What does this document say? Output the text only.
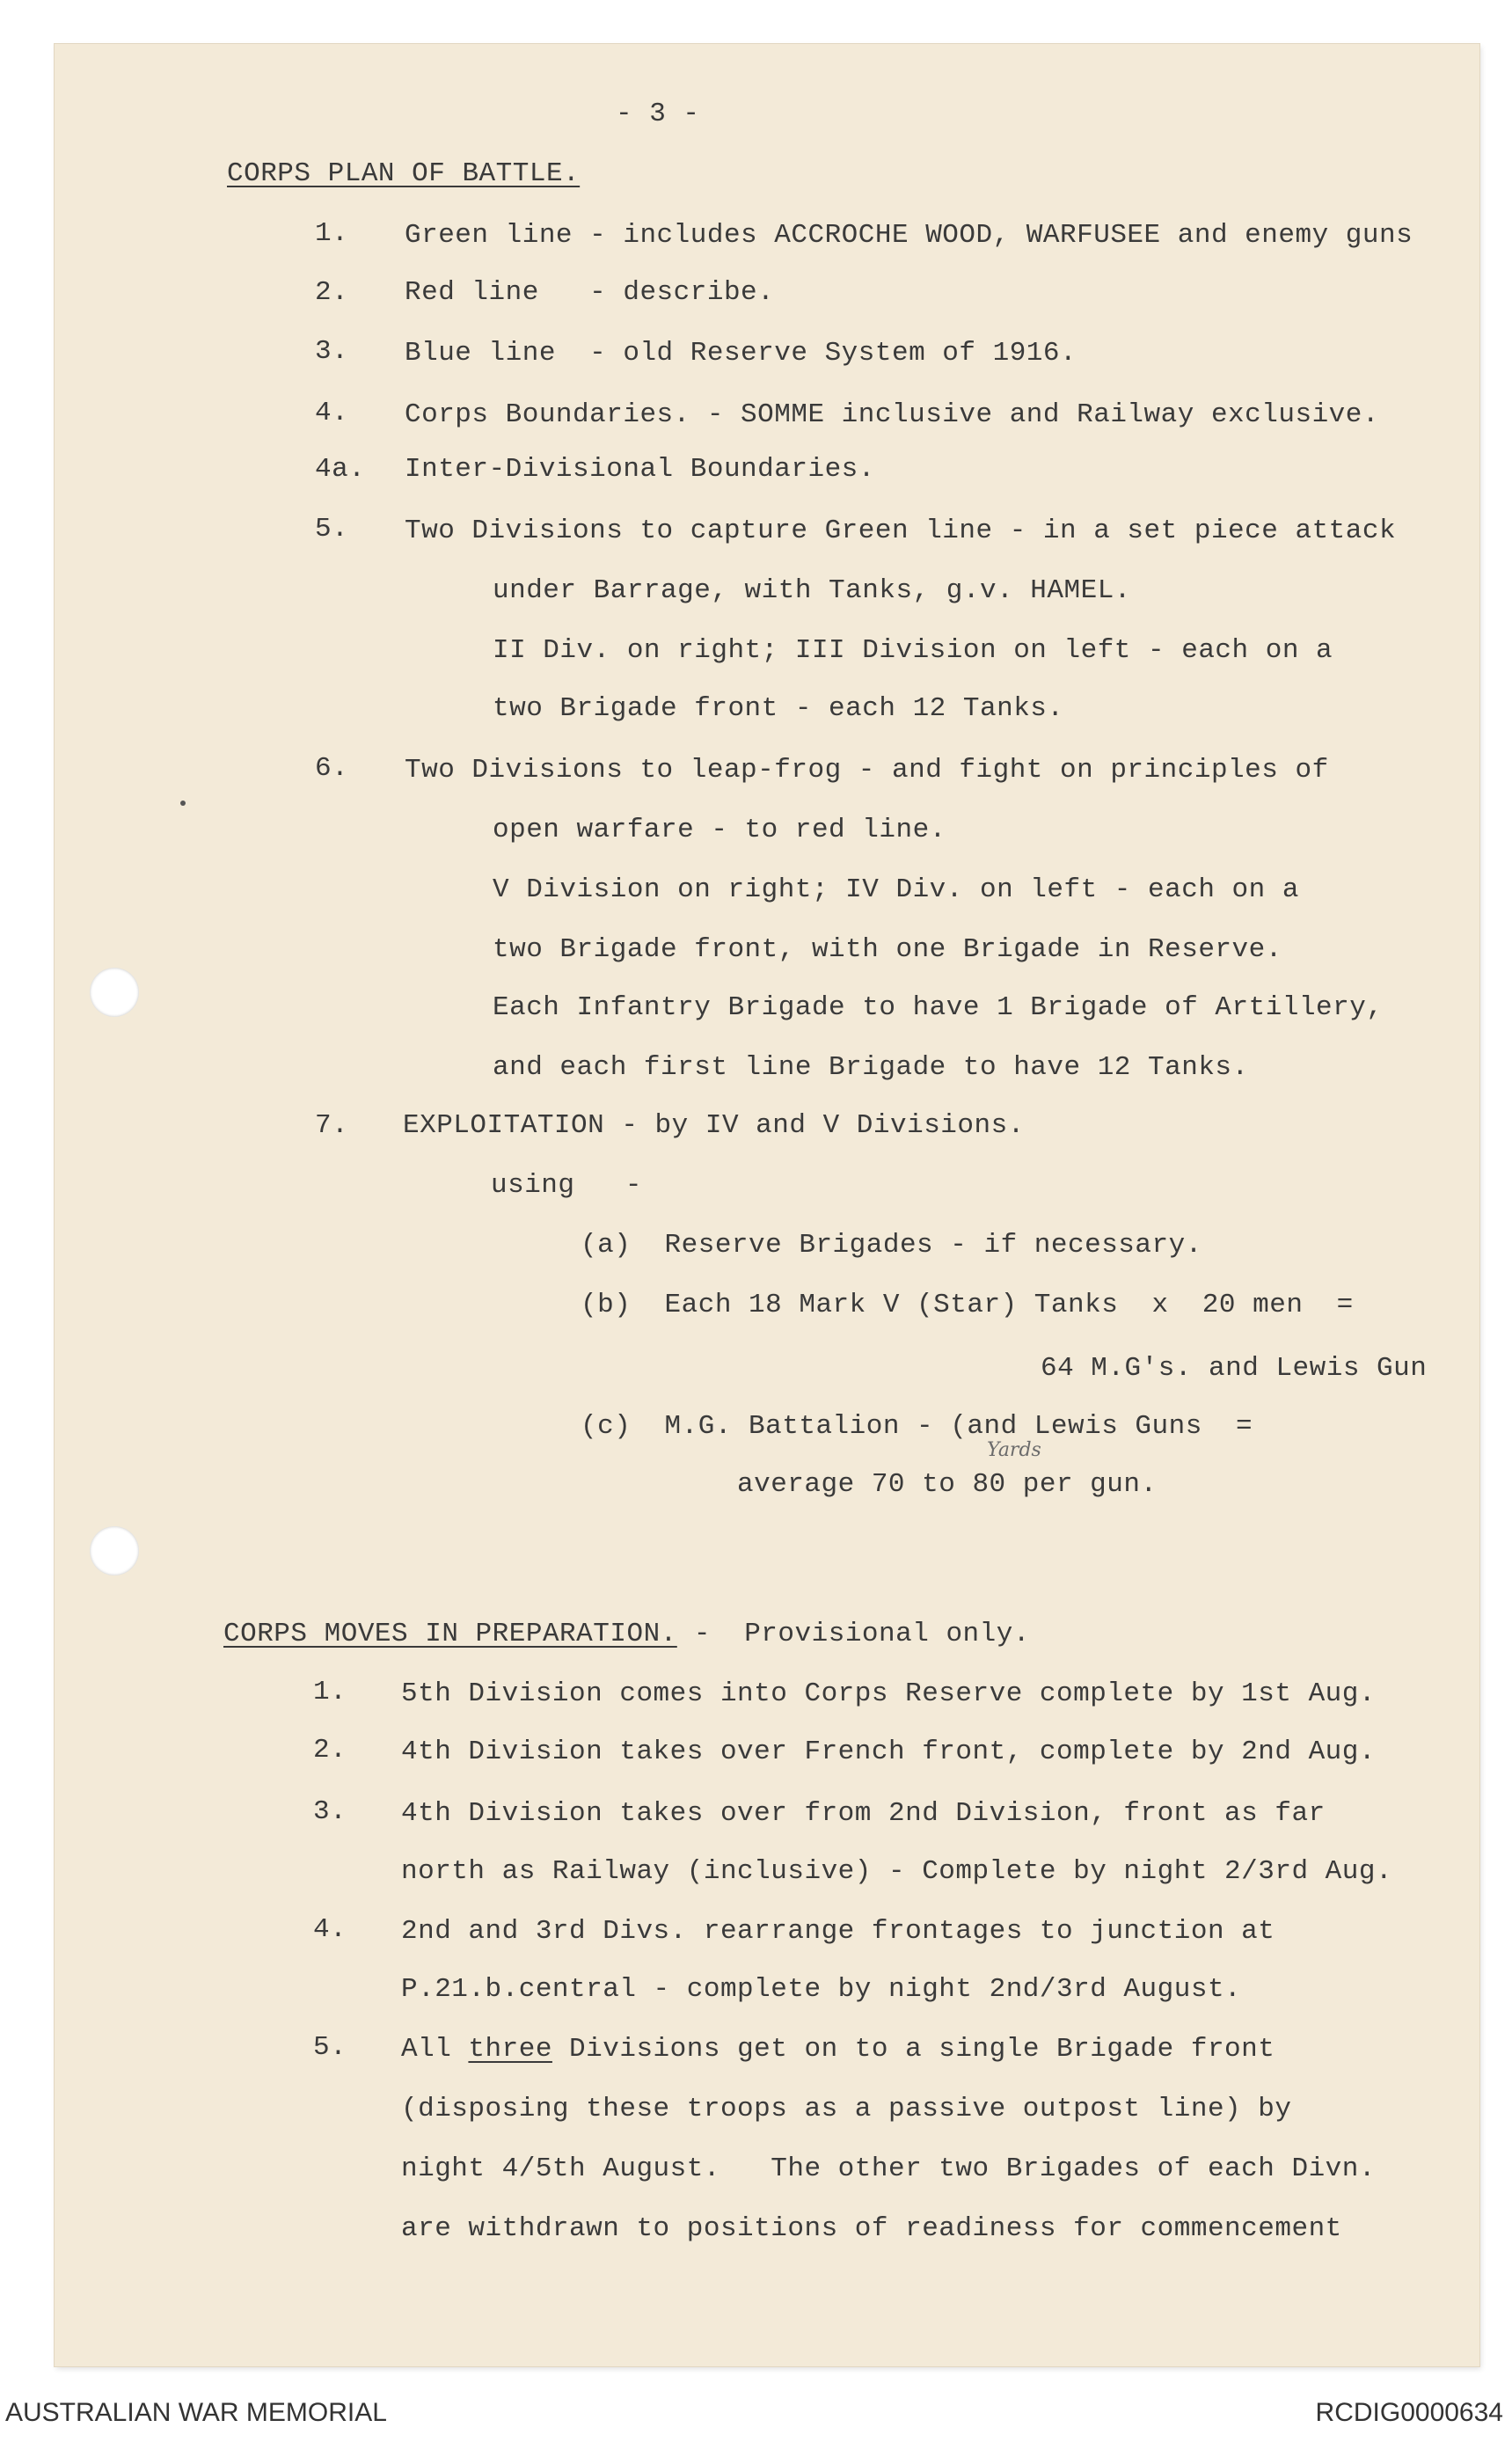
- 3 -
CORPS PLAN OF BATTLE.
1. Green line - includes ACCROCHE WOOD, WARFUSEE and enemy guns
2. Red line   - describe.
3. Blue line  - old Reserve System of 1916.
4. Corps Boundaries. - SOMME inclusive and Railway exclusive.
4a. Inter-Divisional Boundaries.
5. Two Divisions to capture Green line - in a set piece attack
under Barrage, with Tanks, g.v. HAMEL.
II Div. on right; III Division on left - each on a
two Brigade front - each 12 Tanks.
6. Two Divisions to leap-frog - and fight on principles of
open warfare - to red line.
V Division on right; IV Div. on left - each on a
two Brigade front, with one Brigade in Reserve.
Each Infantry Brigade to have 1 Brigade of Artillery,
and each first line Brigade to have 12 Tanks.
7. EXPLOITATION - by IV and V Divisions.
using   -
(a)  Reserve Brigades - if necessary.
(b)  Each 18 Mark V (Star) Tanks  x  20 men  =
64 M.G's. and Lewis Gun
(c)  M.G. Battalion - (and Lewis Guns  =
Yards
average 70 to 80 per gun.
CORPS MOVES IN PREPARATION. -  Provisional only.
1. 5th Division comes into Corps Reserve complete by 1st Aug.
2. 4th Division takes over French front, complete by 2nd Aug.
3. 4th Division takes over from 2nd Division, front as far
north as Railway (inclusive) - Complete by night 2/3rd Aug.
4. 2nd and 3rd Divs. rearrange frontages to junction at
P.21.b.central - complete by night 2nd/3rd August.
5. All three Divisions get on to a single Brigade front
(disposing these troops as a passive outpost line) by
night 4/5th August.   The other two Brigades of each Divn.
are withdrawn to positions of readiness for commencement
AUSTRALIAN WAR MEMORIAL	RCDIG0000634
